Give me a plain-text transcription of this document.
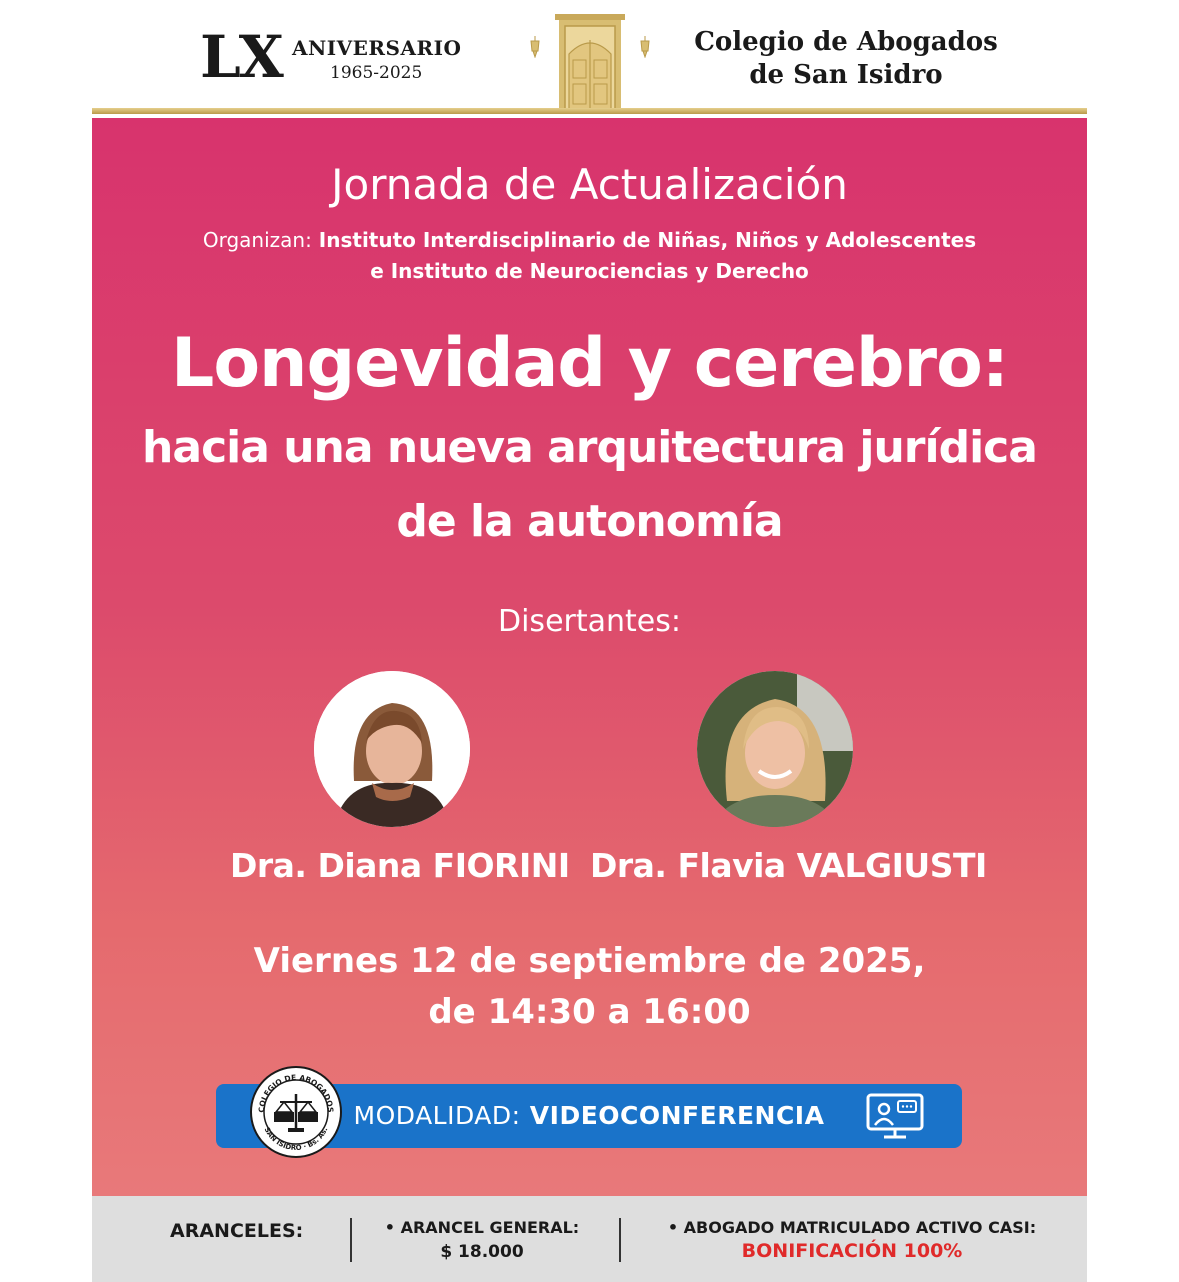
LX ANIVERSARIO
1965-2025
Colegio de Abogados
de San Isidro
Jornada de Actualización
Organizan: Instituto Interdisciplinario de Niñas, Niños y Adolescentes
e Instituto de Neurociencias y Derecho
Longevidad y cerebro:
hacia una nueva arquitectura jurídica
de la autonomía
Disertantes:
Dra. Diana FIORINI Dra. Flavia VALGIUSTI
Viernes 12 de septiembre de 2025,
de 14:30 a 16:00
MODALIDAD: VIDEOCONFERENCIA
COLEGIO DE ABOGADOS
SAN ISIDRO · Bs. As.
ARANCELES:	• ARANCEL GENERAL:
$ 18.000
• ABOGADO MATRICULADO ACTIVO CASI:
BONIFICACIÓN 100%
